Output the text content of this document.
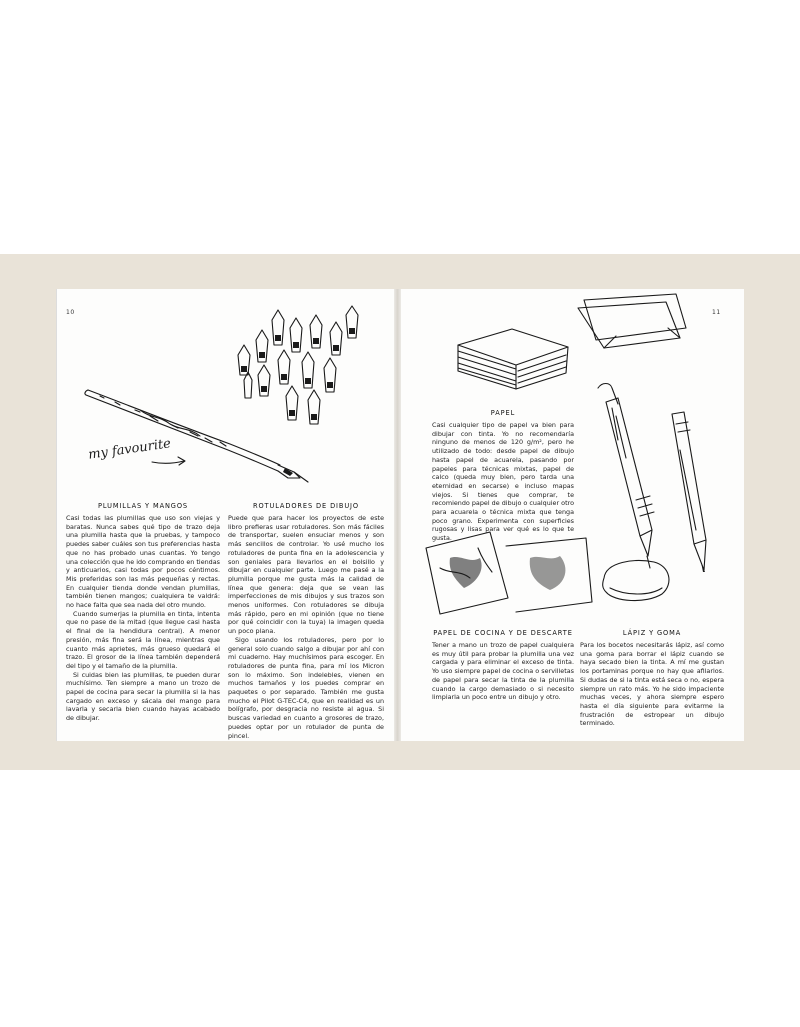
10	11
my favourite
PLUMILLAS Y MANGOS

Casi todas las plumillas que uso son viejas y baratas. Nunca sabes qué tipo de trazo deja una plumilla hasta que la pruebas, y tampoco puedes saber cuáles son tus preferencias hasta que no has probado unas cuantas. Yo tengo una colección que he ido comprando en tiendas y anticuarios, casi todas por pocos céntimos. Mis preferidas son las más pequeñas y rectas. En cualquier tienda donde vendan plumillas, también tienen mangos; cualquiera te valdrá: no hace falta que sea nada del otro mundo.

Cuando sumerjas la plumilla en tinta, intenta que no pase de la mitad (que llegue casi hasta el final de la hendidura central). A menor presión, más fina será la línea, mientras que cuanto más aprietes, más grueso quedará el trazo. El grosor de la línea también dependerá del tipo y el tamaño de la plumilla.

Si cuidas bien las plumillas, te pueden durar muchísimo. Ten siempre a mano un trozo de papel de cocina para secar la plumilla si la has cargado en exceso y sácala del mango para lavarla y secarla bien cuando hayas acabado de dibujar.

ROTULADORES DE DIBUJO

Puede que para hacer los proyectos de este libro prefieras usar rotuladores. Son más fáciles de transportar, suelen ensuciar menos y son más sencillos de controlar. Yo usé mucho los rotuladores de punta fina en la adolescencia y son geniales para llevarlos en el bolsillo y dibujar en cualquier parte. Luego me pasé a la plumilla porque me gusta más la calidad de línea que genera: deja que se vean las imperfecciones de mis dibujos y sus trazos son menos uniformes. Con rotuladores se dibuja más rápido, pero en mi opinión (que no tiene por qué coincidir con la tuya) la imagen queda un poco plana.

Sigo usando los rotuladores, pero por lo general solo cuando salgo a dibujar por ahí con mi cuaderno. Hay muchísimos para escoger. En rotuladores de punta fina, para mí los Micron son lo máximo. Son indelebles, vienen en muchos tamaños y los puedes comprar en paquetes o por separado. También me gusta mucho el Pilot G-TEC-C4, que en realidad es un bolígrafo, por desgracia no resiste al agua. Si buscas variedad en cuanto a grosores de trazo, puedes optar por un rotulador de punta de pincel.

PAPEL

Casi cualquier tipo de papel va bien para dibujar con tinta. Yo no recomendaría ninguno de menos de 120 g/m², pero he utilizado de todo: desde papel de dibujo hasta papel de acuarela, pasando por papeles para técnicas mixtas, papel de calco (queda muy bien, pero tarda una eternidad en secarse) e incluso mapas viejos. Si tienes que comprar, te recomiendo papel de dibujo o cualquier otro para acuarela o técnica mixta que tenga poco grano. Experimenta con superficies rugosas y lisas para ver qué es lo que te gusta.

PAPEL DE COCINA Y DE DESCARTE

Tener a mano un trozo de papel cualquiera es muy útil para probar la plumilla una vez cargada y para eliminar el exceso de tinta. Yo uso siempre papel de cocina o servilletas de papel para secar la tinta de la plumilla cuando la cargo demasiado o si necesito limpiarla un poco entre un dibujo y otro.

LÁPIZ Y GOMA

Para los bocetos necesitarás lápiz, así como una goma para borrar el lápiz cuando se haya secado bien la tinta. A mí me gustan los portaminas porque no hay que afilarlos. Si dudas de si la tinta está seca o no, espera siempre un rato más. Yo he sido impaciente muchas veces, y ahora siempre espero hasta el día siguiente para evitarme la frustración de estropear un dibujo terminado.
